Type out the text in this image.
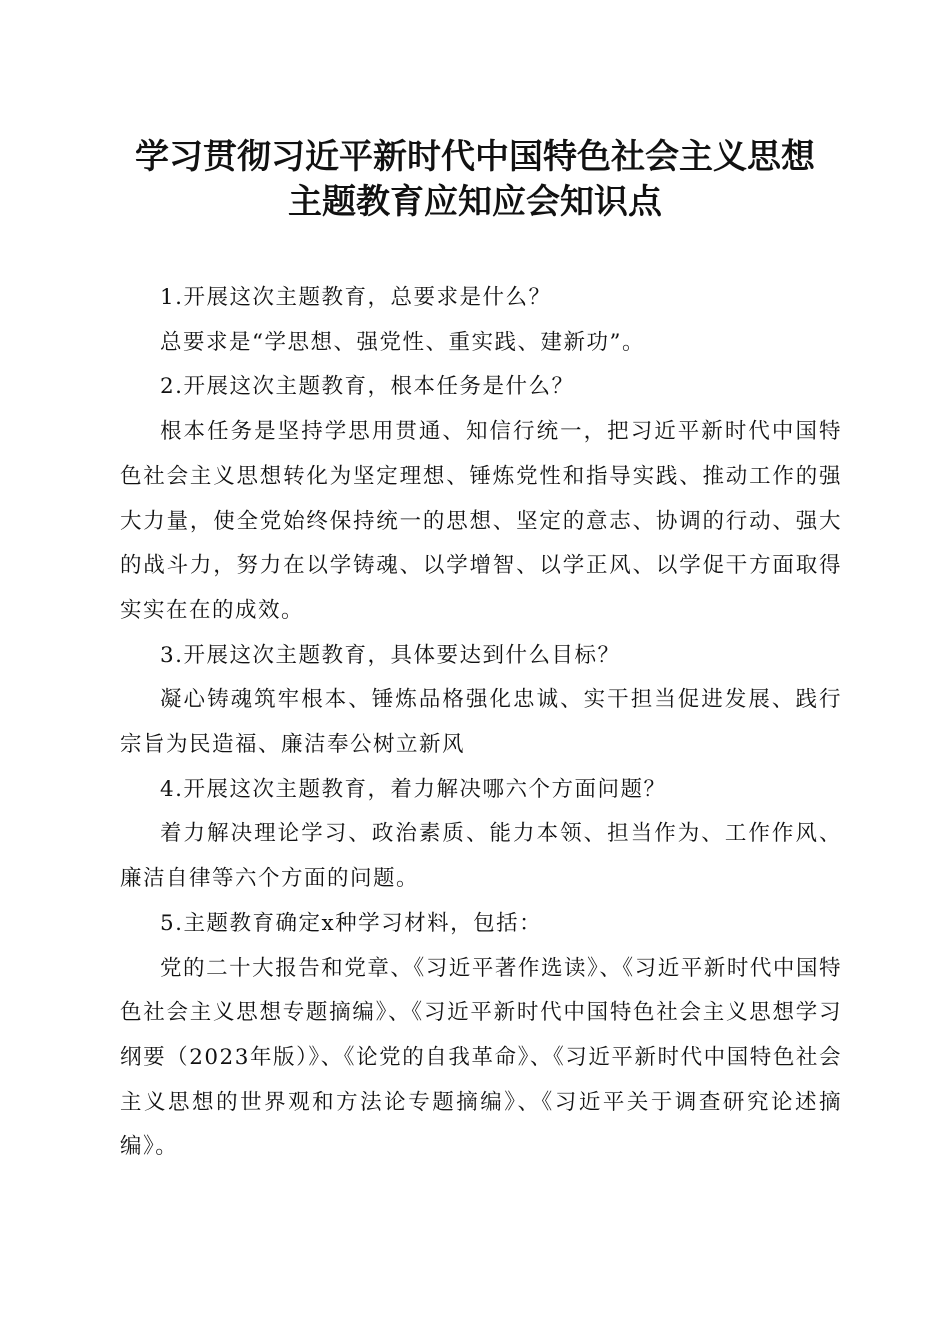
学习贯彻习近平新时代中国特色社会主义思想
主题教育应知应会知识点

1.开展这次主题教育，总要求是什么？

总要求是“学思想、强党性、重实践、建新功”。

2.开展这次主题教育，根本任务是什么？

根本任务是坚持学思用贯通、知信行统一，把习近平新时代中国特色社会主义思想转化为坚定理想、锤炼党性和指导实践、推动工作的强大力量，使全党始终保持统一的思想、坚定的意志、协调的行动、强大的战斗力，努力在以学铸魂、以学增智、以学正风、以学促干方面取得实实在在的成效。

3.开展这次主题教育，具体要达到什么目标？

凝心铸魂筑牢根本、锤炼品格强化忠诚、实干担当促进发展、践行宗旨为民造福、廉洁奉公树立新风

4.开展这次主题教育，着力解决哪六个方面问题？

着力解决理论学习、政治素质、能力本领、担当作为、工作作风、廉洁自律等六个方面的问题。

5.主题教育确定x种学习材料，包括：

党的二十大报告和党章、《习近平著作选读》、《习近平新时代中国特色社会主义思想专题摘编》、《习近平新时代中国特色社会主义思想学习纲要（2023年版）》、《论党的自我革命》、《习近平新时代中国特色社会主义思想的世界观和方法论专题摘编》、《习近平关于调查研究论述摘编》。
